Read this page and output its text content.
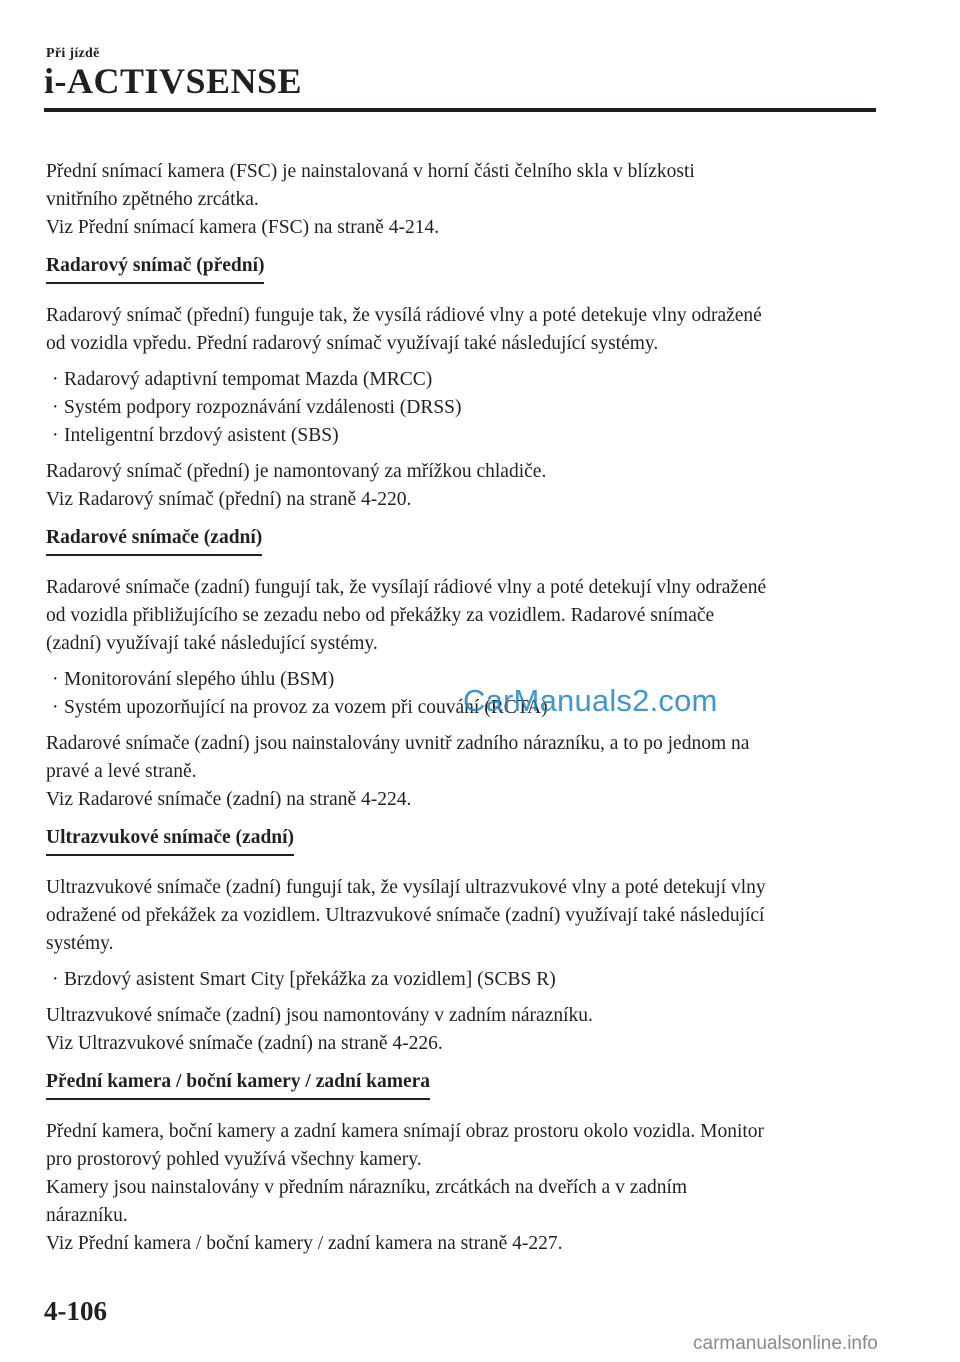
Při jízdě
i-ACTIVSENSE

Přední snímací kamera (FSC) je nainstalovaná v horní části čelního skla v blízkosti

vnitřního zpětného zrcátka.

Viz Přední snímací kamera (FSC) na straně 4-214.

Radarový snímač (přední)

Radarový snímač (přední) funguje tak, že vysílá rádiové vlny a poté detekuje vlny odražené

od vozidla vpředu. Přední radarový snímač využívají také následující systémy.

· Radarový adaptivní tempomat Mazda (MRCC)
· Systém podpory rozpoznávání vzdálenosti (DRSS)
· Inteligentní brzdový asistent (SBS)

Radarový snímač (přední) je namontovaný za mřížkou chladiče.

Viz Radarový snímač (přední) na straně 4-220.

Radarové snímače (zadní)

Radarové snímače (zadní) fungují tak, že vysílají rádiové vlny a poté detekují vlny odražené

od vozidla přibližujícího se zezadu nebo od překážky za vozidlem. Radarové snímače

(zadní) využívají také následující systémy.

· Monitorování slepého úhlu (BSM)
· Systém upozorňující na provoz za vozem při couvání (RCTA)

Radarové snímače (zadní) jsou nainstalovány uvnitř zadního nárazníku, a to po jednom na

pravé a levé straně.

Viz Radarové snímače (zadní) na straně 4-224.

Ultrazvukové snímače (zadní)

Ultrazvukové snímače (zadní) fungují tak, že vysílají ultrazvukové vlny a poté detekují vlny

odražené od překážek za vozidlem. Ultrazvukové snímače (zadní) využívají také následující

systémy.

· Brzdový asistent Smart City [překážka za vozidlem] (SCBS R)

Ultrazvukové snímače (zadní) jsou namontovány v zadním nárazníku.

Viz Ultrazvukové snímače (zadní) na straně 4-226.

Přední kamera / boční kamery / zadní kamera

Přední kamera, boční kamery a zadní kamera snímají obraz prostoru okolo vozidla. Monitor

pro prostorový pohled využívá všechny kamery.

Kamery jsou nainstalovány v předním nárazníku, zrcátkách na dveřích a v zadním

nárazníku.

Viz Přední kamera / boční kamery / zadní kamera na straně 4-227.

CarManuals2.com
4-106
carmanualsonline.info
